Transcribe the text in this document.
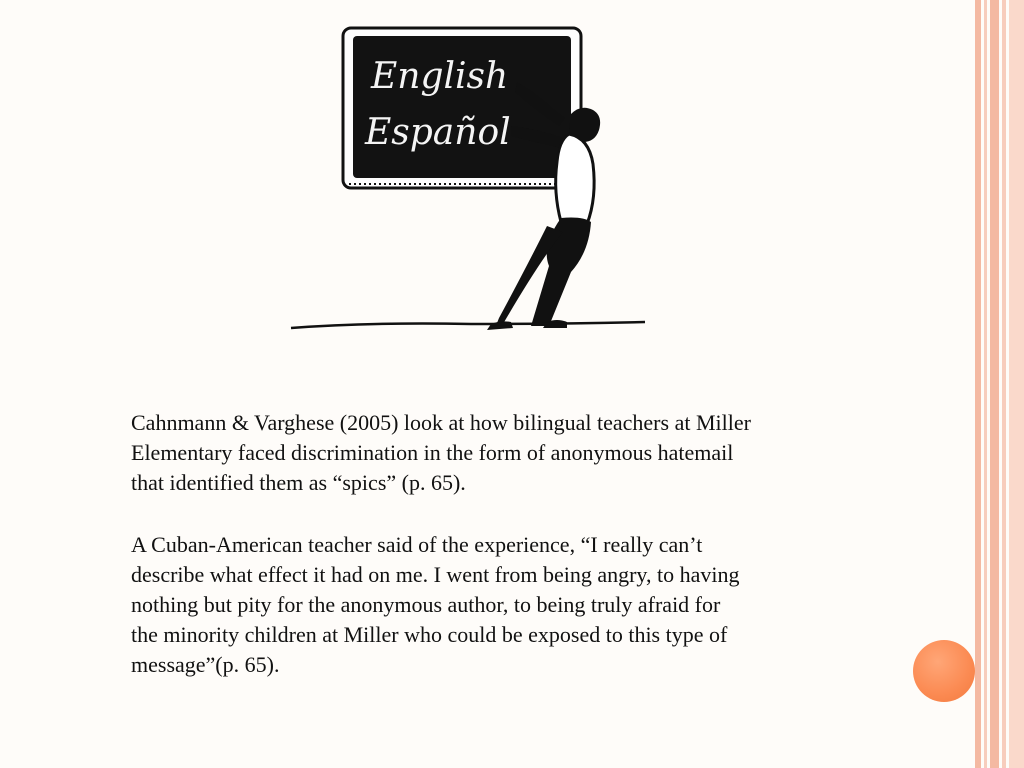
English
Español

Cahnmann & Varghese (2005) look at how bilingual teachers at Miller
Elementary faced discrimination in the form of anonymous hatemail
that identified them as “spics” (p. 65).

A Cuban-American teacher said of the experience, “I really can’t
describe what effect it had on me. I went from being angry, to having
nothing but pity for the anonymous author, to being truly afraid for
the minority children at Miller who could be exposed to this type of
message”(p. 65).
